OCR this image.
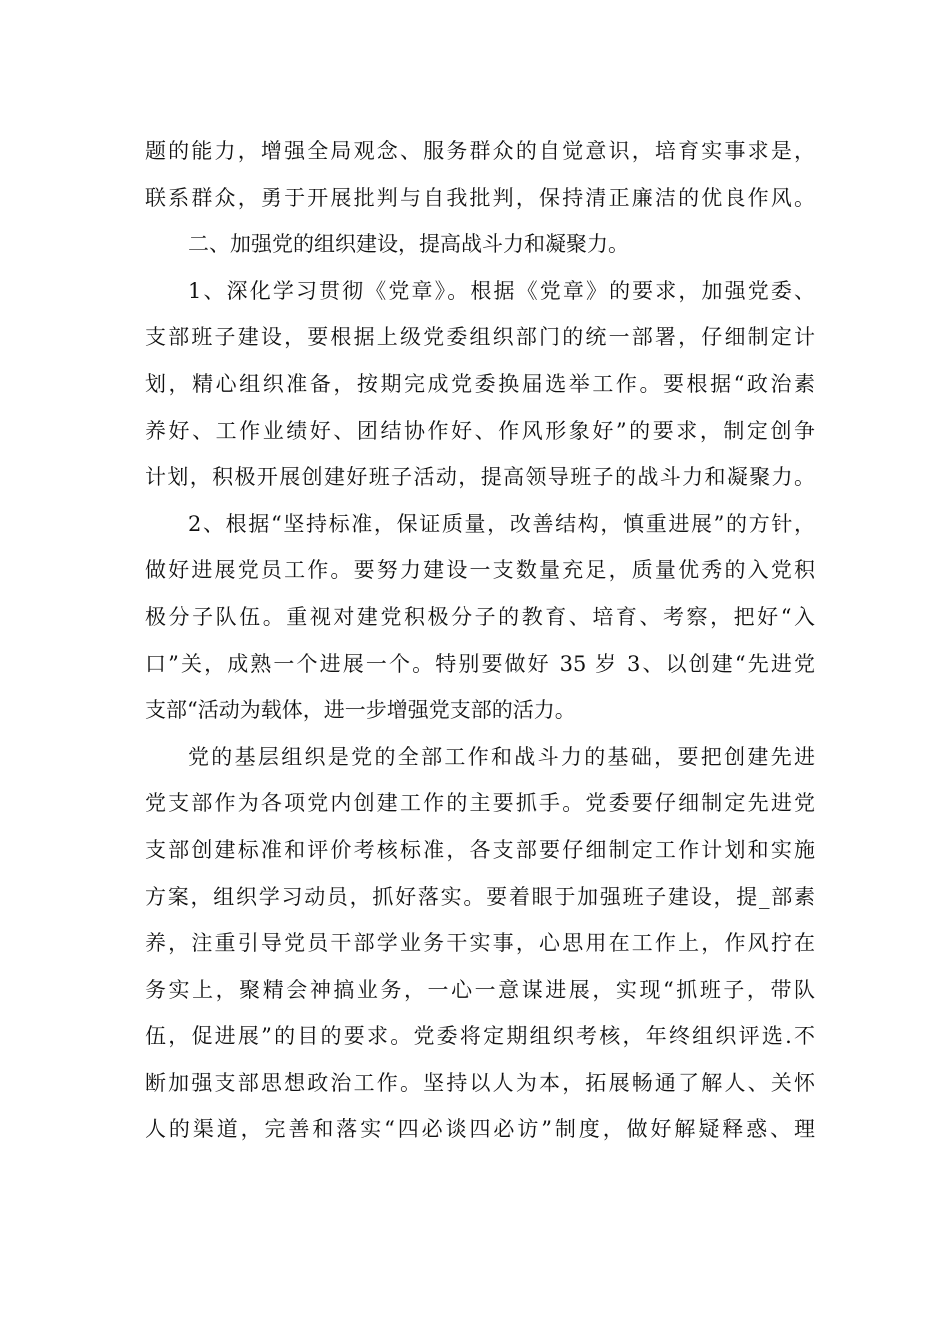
题的能力，增强全局观念、服务群众的自觉意识，培育实事求是，
联系群众，勇于开展批判与自我批判，保持清正廉洁的优良作风。
二、加强党的组织建设，提高战斗力和凝聚力。
1、深化学习贯彻《党章》。根据《党章》的要求，加强党委、
支部班子建设，要根据上级党委组织部门的统一部署，仔细制定计
划，精心组织准备，按期完成党委换届选举工作。要根据“政治素
养好、工作业绩好、团结协作好、作风形象好”的要求，制定创争
计划，积极开展创建好班子活动，提高领导班子的战斗力和凝聚力。
2、根据“坚持标准，保证质量，改善结构，慎重进展”的方针，
做好进展党员工作。要努力建设一支数量充足，质量优秀的入党积
极分子队伍。重视对建党积极分子的教育、培育、考察，把好“入
口”关，成熟一个进展一个。特别要做好 35 岁 3、以创建“先进党
支部“活动为载体，进一步增强党支部的活力。
党的基层组织是党的全部工作和战斗力的基础，要把创建先进
党支部作为各项党内创建工作的主要抓手。党委要仔细制定先进党
支部创建标准和评价考核标准，各支部要仔细制定工作计划和实施
方案，组织学习动员，抓好落实。要着眼于加强班子建设，提_部素
养，注重引导党员干部学业务干实事，心思用在工作上，作风拧在
务实上，聚精会神搞业务，一心一意谋进展，实现“抓班子，带队
伍，促进展”的目的要求。党委将定期组织考核，年终组织评选.不
断加强支部思想政治工作。坚持以人为本，拓展畅通了解人、关怀
人的渠道，完善和落实“四必谈四必访”制度，做好解疑释惑、理
